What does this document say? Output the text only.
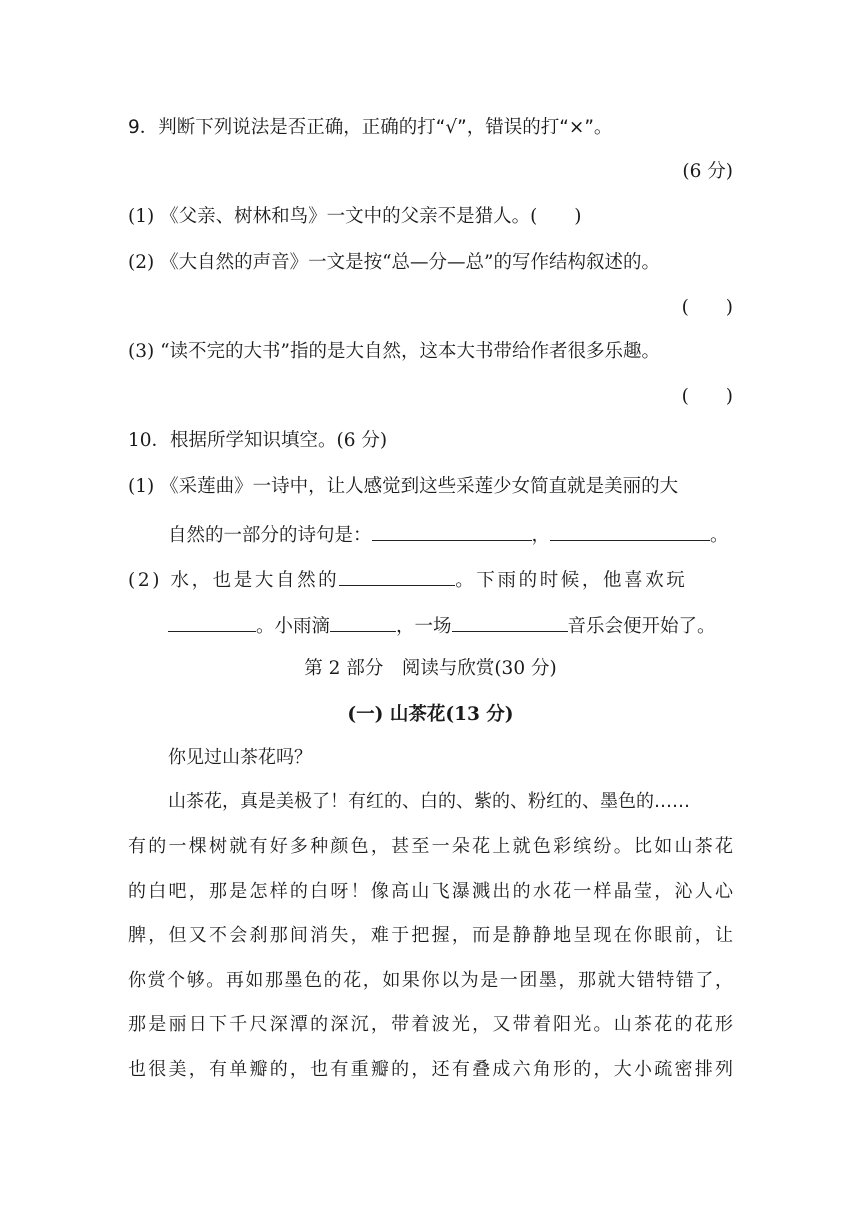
9．判断下列说法是否正确，正确的打“√”，错误的打“×”。
(6 分)
(1) 《父亲、树林和鸟》一文中的父亲不是猎人。(　　)
(2) 《大自然的声音》一文是按“总—分—总”的写作结构叙述的。
(　　)
(3) “读不完的大书”指的是大自然，这本大书带给作者很多乐趣。
(　　)
10．根据所学知识填空。(6 分)
(1) 《采莲曲》一诗中，让人感觉到这些采莲少女简直就是美丽的大
自然的一部分的诗句是：	，	。
(2) 水，也是大自然的	。下雨的时候，他喜欢玩
。小雨滴	，一场	音乐会便开始了。
第 2 部分　阅读与欣赏(30 分)
(一) 山茶花(13 分)
你见过山茶花吗？
山茶花，真是美极了！有红的、白的、紫的、粉红的、墨色的……
有的一棵树就有好多种颜色，甚至一朵花上就色彩缤纷。比如山茶花
的白吧，那是怎样的白呀！像高山飞瀑溅出的水花一样晶莹，沁人心
脾，但又不会刹那间消失，难于把握，而是静静地呈现在你眼前，让
你赏个够。再如那墨色的花，如果你以为是一团墨，那就大错特错了，
那是丽日下千尺深潭的深沉，带着波光，又带着阳光。山茶花的花形
也很美，有单瓣的，也有重瓣的，还有叠成六角形的，大小疏密排列
